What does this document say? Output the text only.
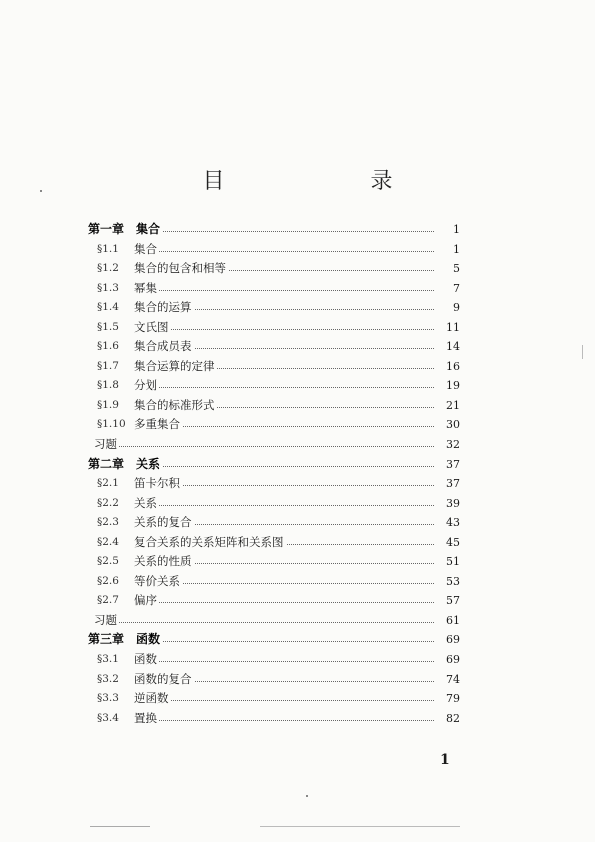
目　录
第一章 集合	1
§1.1	集合	1
§1.2	集合的包含和相等	5
§1.3	幂集	7
§1.4	集合的运算	9
§1.5	文氏图	11
§1.6	集合成员表	14
§1.7	集合运算的定律	16
§1.8	分划	19
§1.9	集合的标准形式	21
§1.10 多重集合	30
习题	32
第二章 关系	37
§2.1	笛卡尔积	37
§2.2	关系	39
§2.3	关系的复合	43
§2.4	复合关系的关系矩阵和关系图	45
§2.5	关系的性质	51
§2.6	等价关系	53
§2.7	偏序	57
习题	61
第三章 函数	69
§3.1	函数	69
§3.2	函数的复合	74
§3.3	逆函数	79
§3.4	置换	82
1
